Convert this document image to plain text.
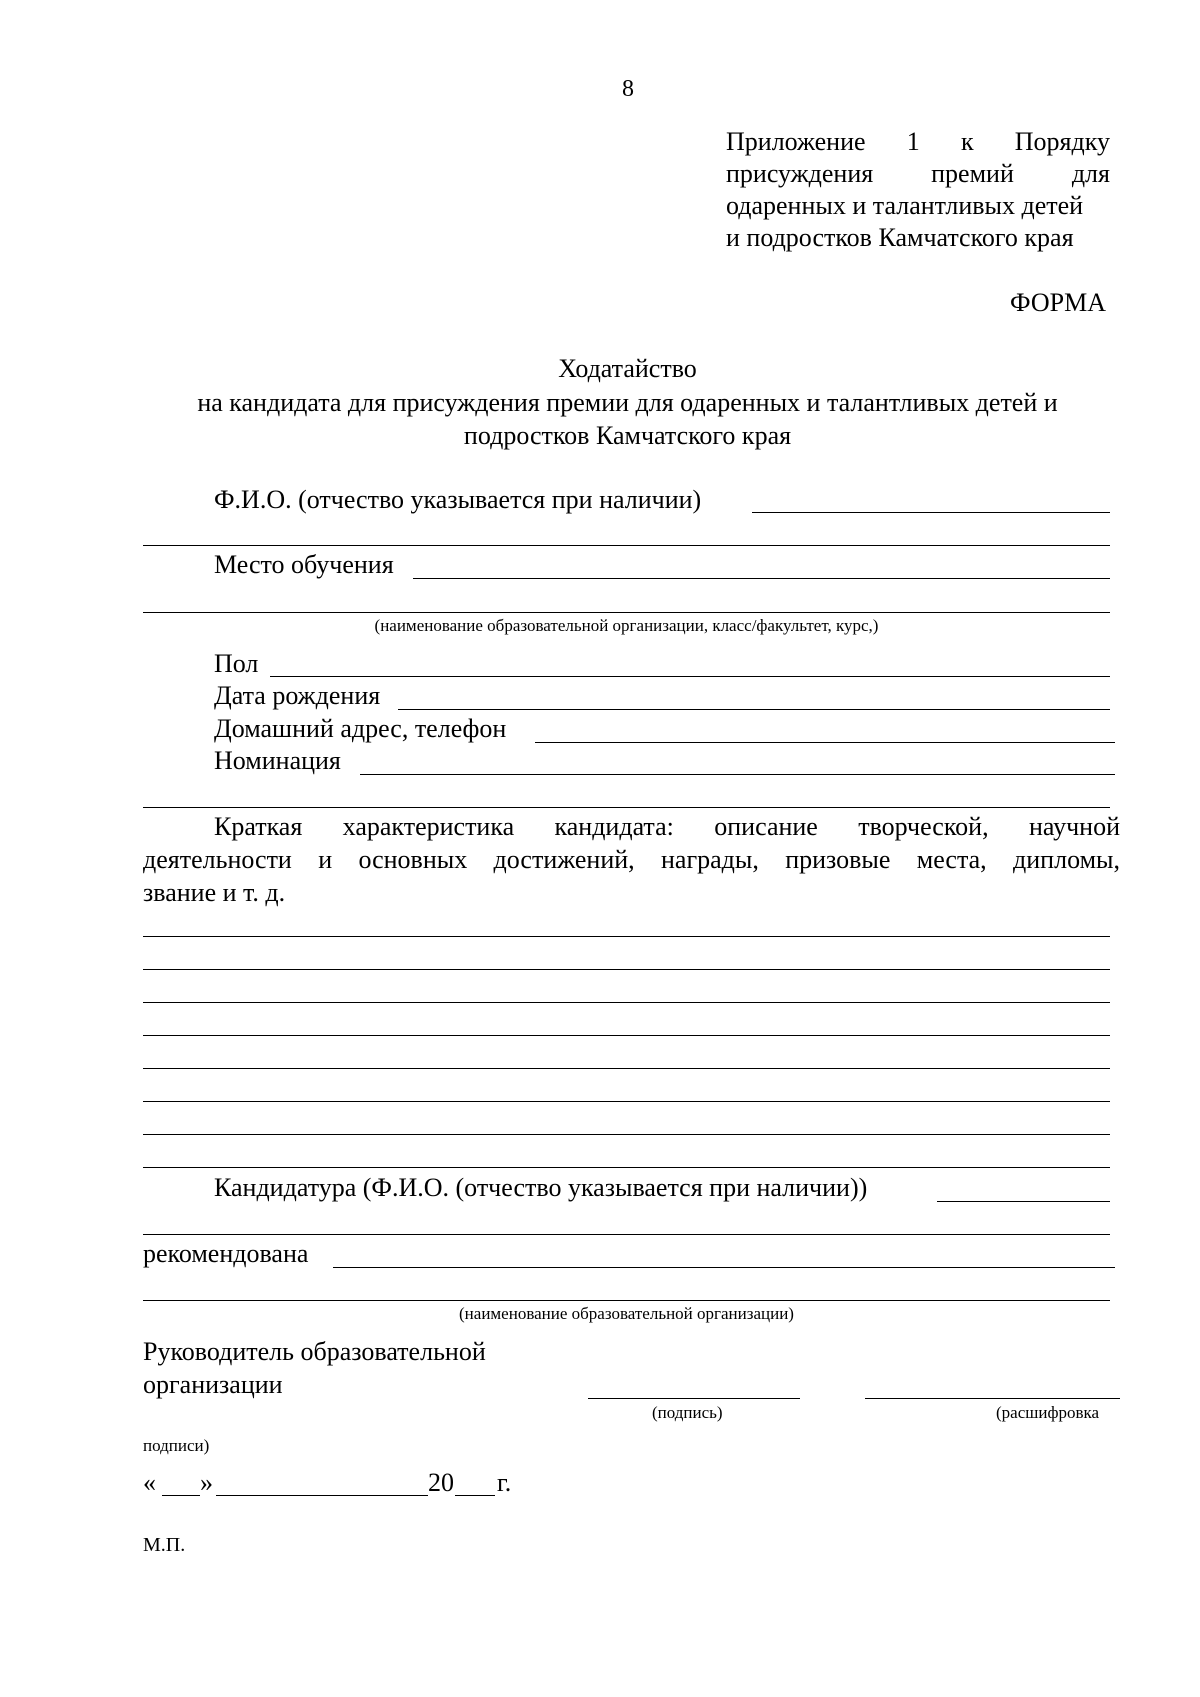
8
Приложение 1 к Порядку
присуждения премий для
одаренных и талантливых детей
и подростков Камчатского края
ФОРМА
Ходатайство
на кандидата для присуждения премии для одаренных и талантливых детей и
подростков Камчатского края
Ф.И.О. (отчество указывается при наличии)
Место обучения
(наименование образовательной организации, класс/факультет, курс,)
Пол
Дата рождения
Домашний адрес, телефон
Номинация
Краткая характеристика кандидата: описание творческой, научной
деятельности и основных достижений, награды, призовые места, дипломы,
звание и т. д.
Кандидатура (Ф.И.О. (отчество указывается при наличии))
рекомендована
(наименование образовательной организации)
Руководитель образовательной
организации
(подпись)	(расшифровка
подписи)
« »	20 г.
М.П.
